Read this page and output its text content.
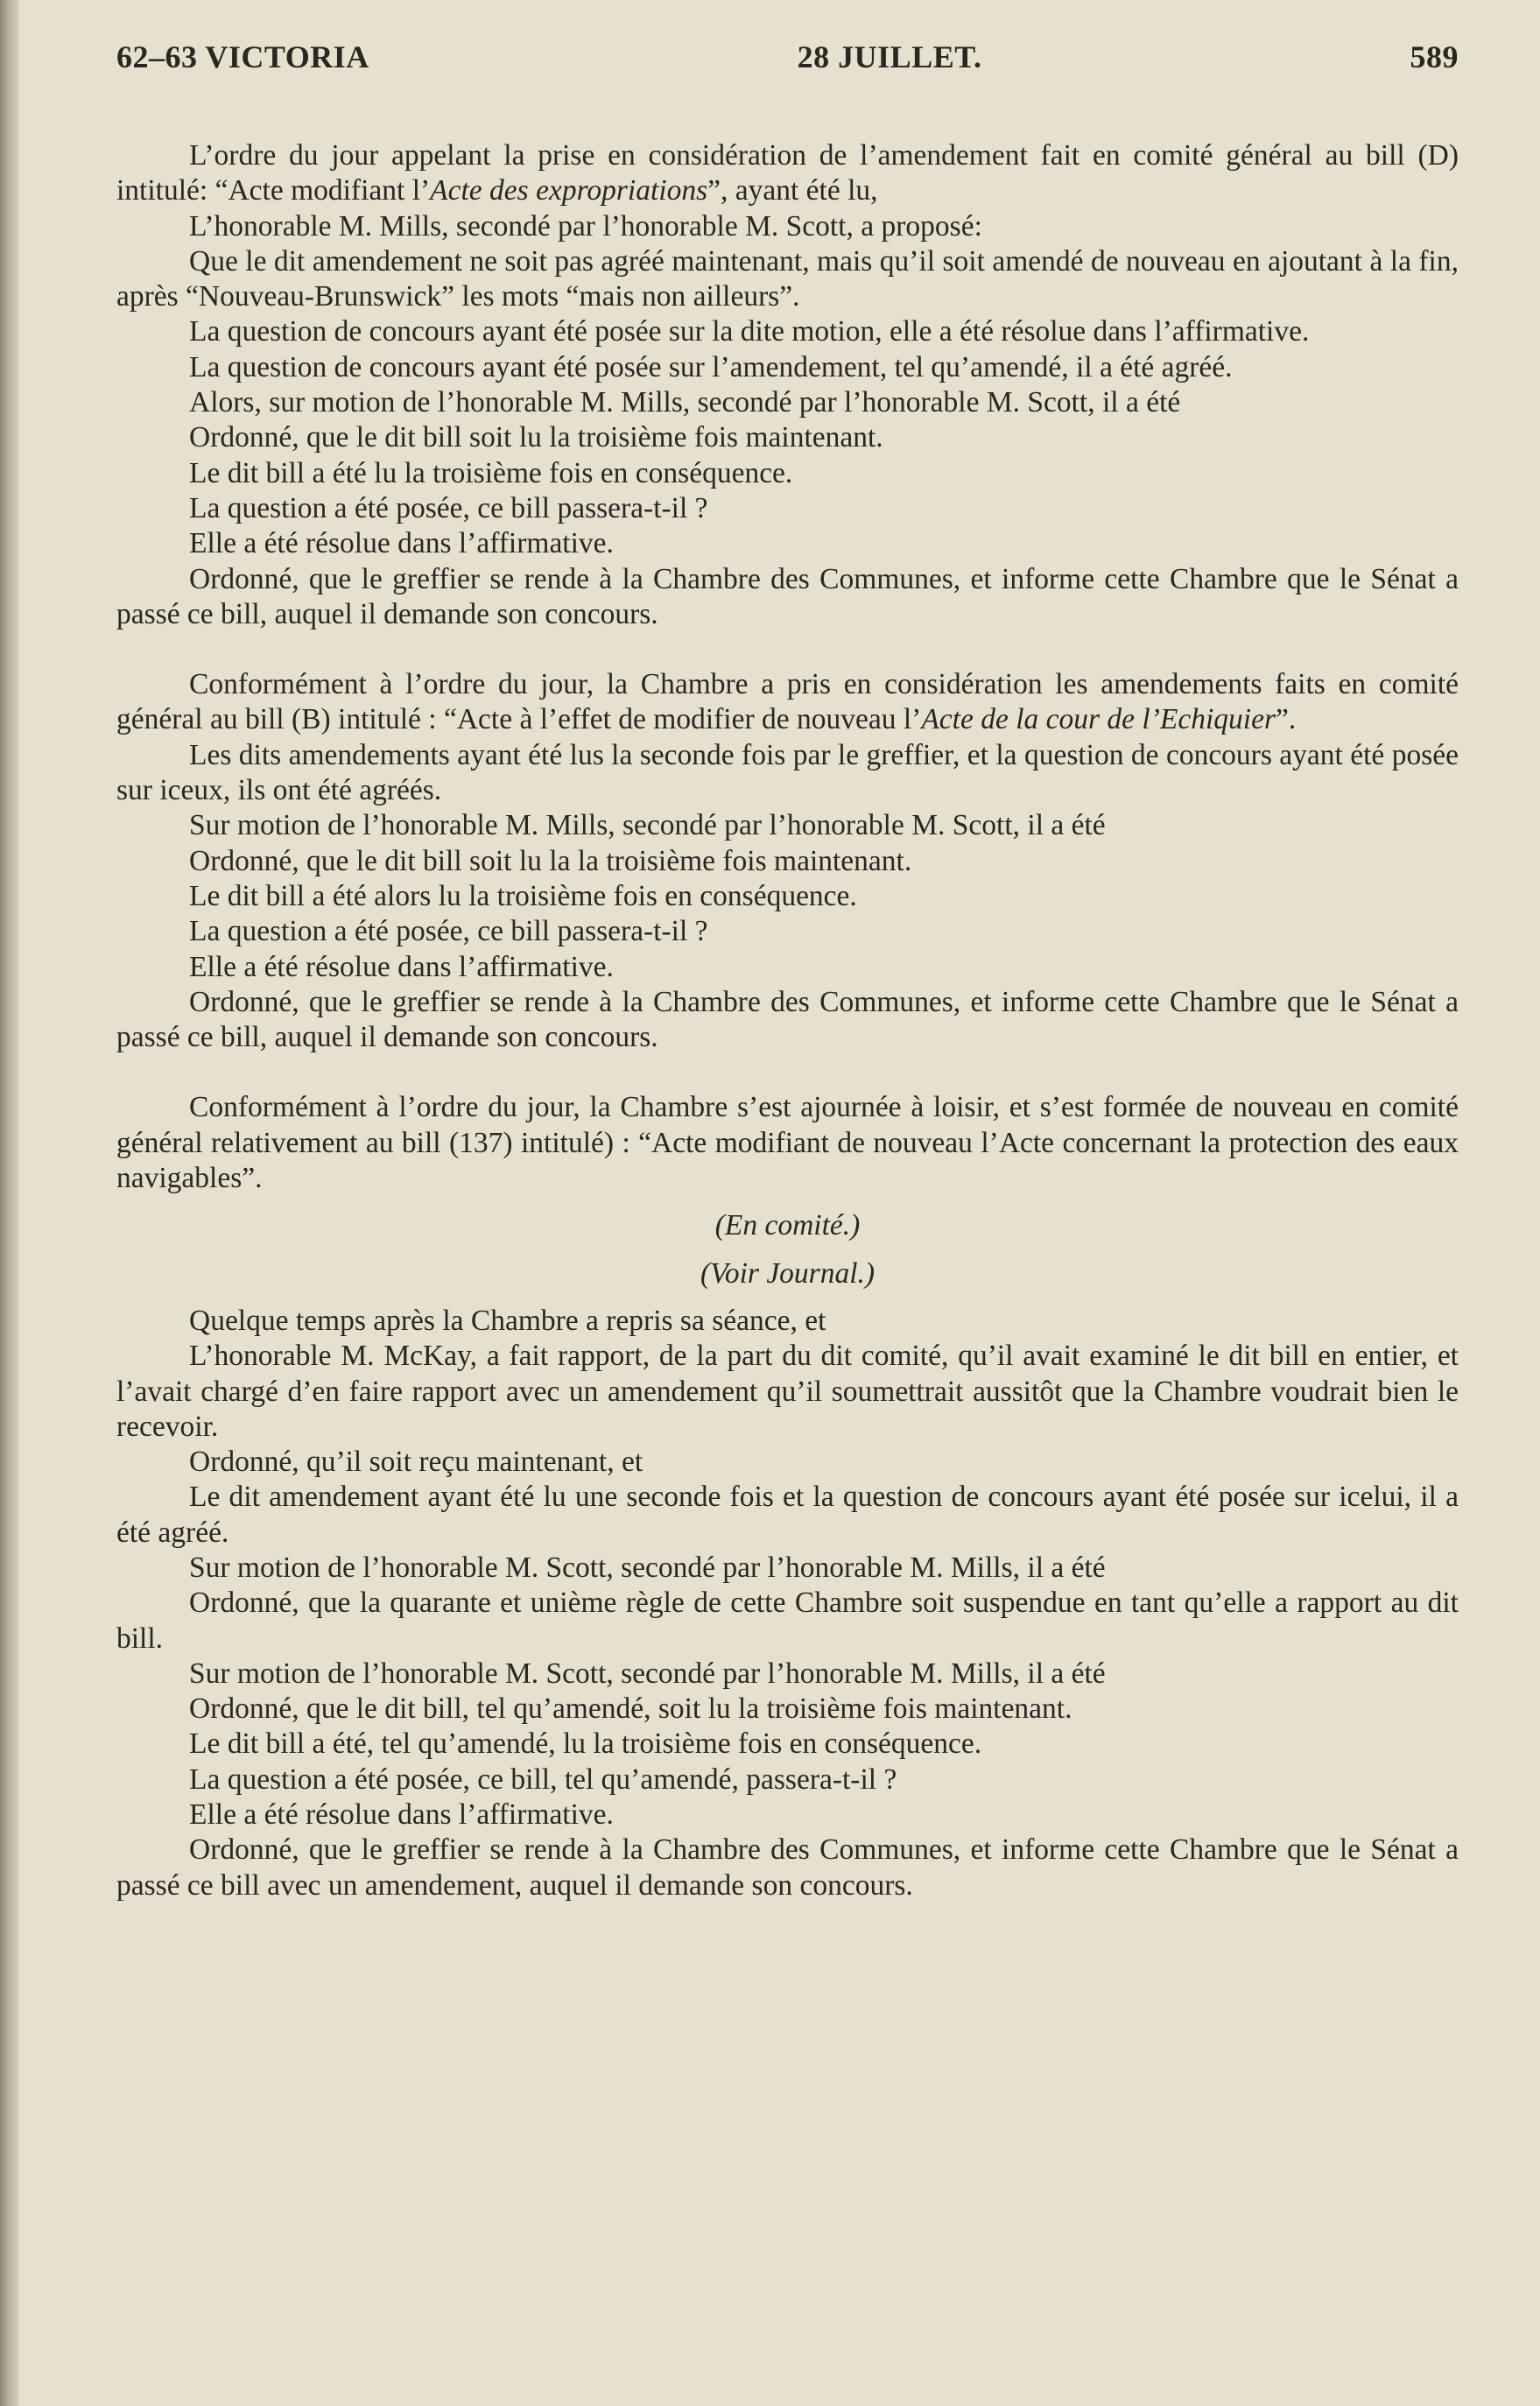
62–63 VICTORIA	28 JUILLET.	589

L’ordre du jour appelant la prise en considération de l’amendement fait en comité général au bill (D) intitulé: “Acte modifiant l’Acte des expropriations”, ayant été lu,

L’honorable M. Mills, secondé par l’honorable M. Scott, a proposé:

Que le dit amendement ne soit pas agréé maintenant, mais qu’il soit amendé de nouveau en ajoutant à la fin, après “Nouveau-Brunswick” les mots “mais non ailleurs”.

La question de concours ayant été posée sur la dite motion, elle a été résolue dans l’affirmative.

La question de concours ayant été posée sur l’amendement, tel qu’amendé, il a été agréé.

Alors, sur motion de l’honorable M. Mills, secondé par l’honorable M. Scott, il a été

Ordonné, que le dit bill soit lu la troisième fois maintenant.

Le dit bill a été lu la troisième fois en conséquence.

La question a été posée, ce bill passera-t-il ?

Elle a été résolue dans l’affirmative.

Ordonné, que le greffier se rende à la Chambre des Communes, et informe cette Chambre que le Sénat a passé ce bill, auquel il demande son concours.

Conformément à l’ordre du jour, la Chambre a pris en considération les amendements faits en comité général au bill (B) intitulé : “Acte à l’effet de modifier de nouveau l’Acte de la cour de l’Echiquier”.

Les dits amendements ayant été lus la seconde fois par le greffier, et la question de concours ayant été posée sur iceux, ils ont été agréés.

Sur motion de l’honorable M. Mills, secondé par l’honorable M. Scott, il a été

Ordonné, que le dit bill soit lu la la troisième fois maintenant.

Le dit bill a été alors lu la troisième fois en conséquence.

La question a été posée, ce bill passera-t-il ?

Elle a été résolue dans l’affirmative.

Ordonné, que le greffier se rende à la Chambre des Communes, et informe cette Chambre que le Sénat a passé ce bill, auquel il demande son concours.

Conformément à l’ordre du jour, la Chambre s’est ajournée à loisir, et s’est formée de nouveau en comité général relativement au bill (137) intitulé) : “Acte modifiant de nouveau l’Acte concernant la protection des eaux navigables”.

(En comité.)

(Voir Journal.)

Quelque temps après la Chambre a repris sa séance, et

L’honorable M. McKay, a fait rapport, de la part du dit comité, qu’il avait examiné le dit bill en entier, et l’avait chargé d’en faire rapport avec un amendement qu’il soumettrait aussitôt que la Chambre voudrait bien le recevoir.

Ordonné, qu’il soit reçu maintenant, et

Le dit amendement ayant été lu une seconde fois et la question de concours ayant été posée sur icelui, il a été agréé.

Sur motion de l’honorable M. Scott, secondé par l’honorable M. Mills, il a été

Ordonné, que la quarante et unième règle de cette Chambre soit suspendue en tant qu’elle a rapport au dit bill.

Sur motion de l’honorable M. Scott, secondé par l’honorable M. Mills, il a été

Ordonné, que le dit bill, tel qu’amendé, soit lu la troisième fois maintenant.

Le dit bill a été, tel qu’amendé, lu la troisième fois en conséquence.

La question a été posée, ce bill, tel qu’amendé, passera-t-il ?

Elle a été résolue dans l’affirmative.

Ordonné, que le greffier se rende à la Chambre des Communes, et informe cette Chambre que le Sénat a passé ce bill avec un amendement, auquel il demande son concours.
